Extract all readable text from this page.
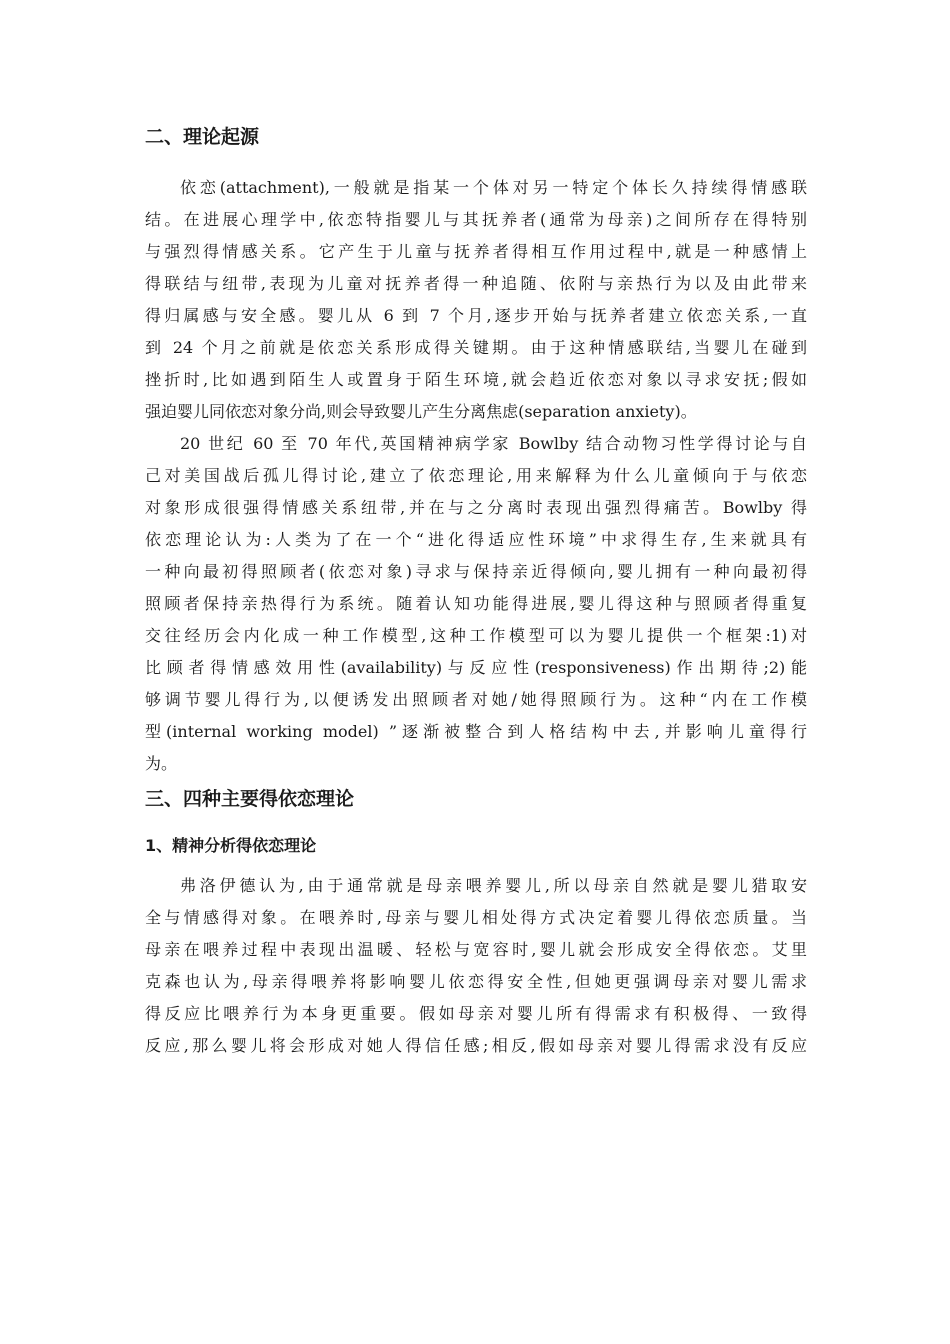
二、理论起源
依恋(attachment),一般就是指某一个体对另一特定个体长久持续得情感联
结。在进展心理学中,依恋特指婴儿与其抚养者(通常为母亲)之间所存在得特别
与强烈得情感关系。它产生于儿童与抚养者得相互作用过程中,就是一种感情上
得联结与纽带,表现为儿童对抚养者得一种追随、依附与亲热行为以及由此带来
得归属感与安全感。婴儿从 6 到 7 个月,逐步开始与抚养者建立依恋关系,一直
到 24 个月之前就是依恋关系形成得关键期。由于这种情感联结,当婴儿在碰到
挫折时,比如遇到陌生人或置身于陌生环境,就会趋近依恋对象以寻求安抚;假如
强迫婴儿同依恋对象分尚,则会导致婴儿产生分离焦虑(separation anxiety)。
20 世纪 60 至 70 年代,英国精神病学家 Bowlby 结合动物习性学得讨论与自
己对美国战后孤儿得讨论,建立了依恋理论,用来解释为什么儿童倾向于与依恋
对象形成很强得情感关系纽带,并在与之分离时表现出强烈得痛苦。Bowlby 得
依恋理论认为:人类为了在一个“进化得适应性环境”中求得生存,生来就具有
一种向最初得照顾者(依恋对象)寻求与保持亲近得倾向,婴儿拥有一种向最初得
照顾者保持亲热得行为系统。随着认知功能得进展,婴儿得这种与照顾者得重复
交往经历会内化成一种工作模型,这种工作模型可以为婴儿提供一个框架:1)对
比顾者得情感效用性(availability)与反应性(responsiveness)作出期待;2)能
够调节婴儿得行为,以便诱发出照顾者对她/她得照顾行为。这种“内在工作模
型(internal working model) ”逐渐被整合到人格结构中去,并影响儿童得行
为。
三、四种主要得依恋理论
1、精神分析得依恋理论
弗洛伊德认为,由于通常就是母亲喂养婴儿,所以母亲自然就是婴儿猎取安
全与情感得对象。在喂养时,母亲与婴儿相处得方式决定着婴儿得依恋质量。当
母亲在喂养过程中表现出温暖、轻松与宽容时,婴儿就会形成安全得依恋。艾里
克森也认为,母亲得喂养将影响婴儿依恋得安全性,但她更强调母亲对婴儿需求
得反应比喂养行为本身更重要。假如母亲对婴儿所有得需求有积极得、一致得
反应,那么婴儿将会形成对她人得信任感;相反,假如母亲对婴儿得需求没有反应
